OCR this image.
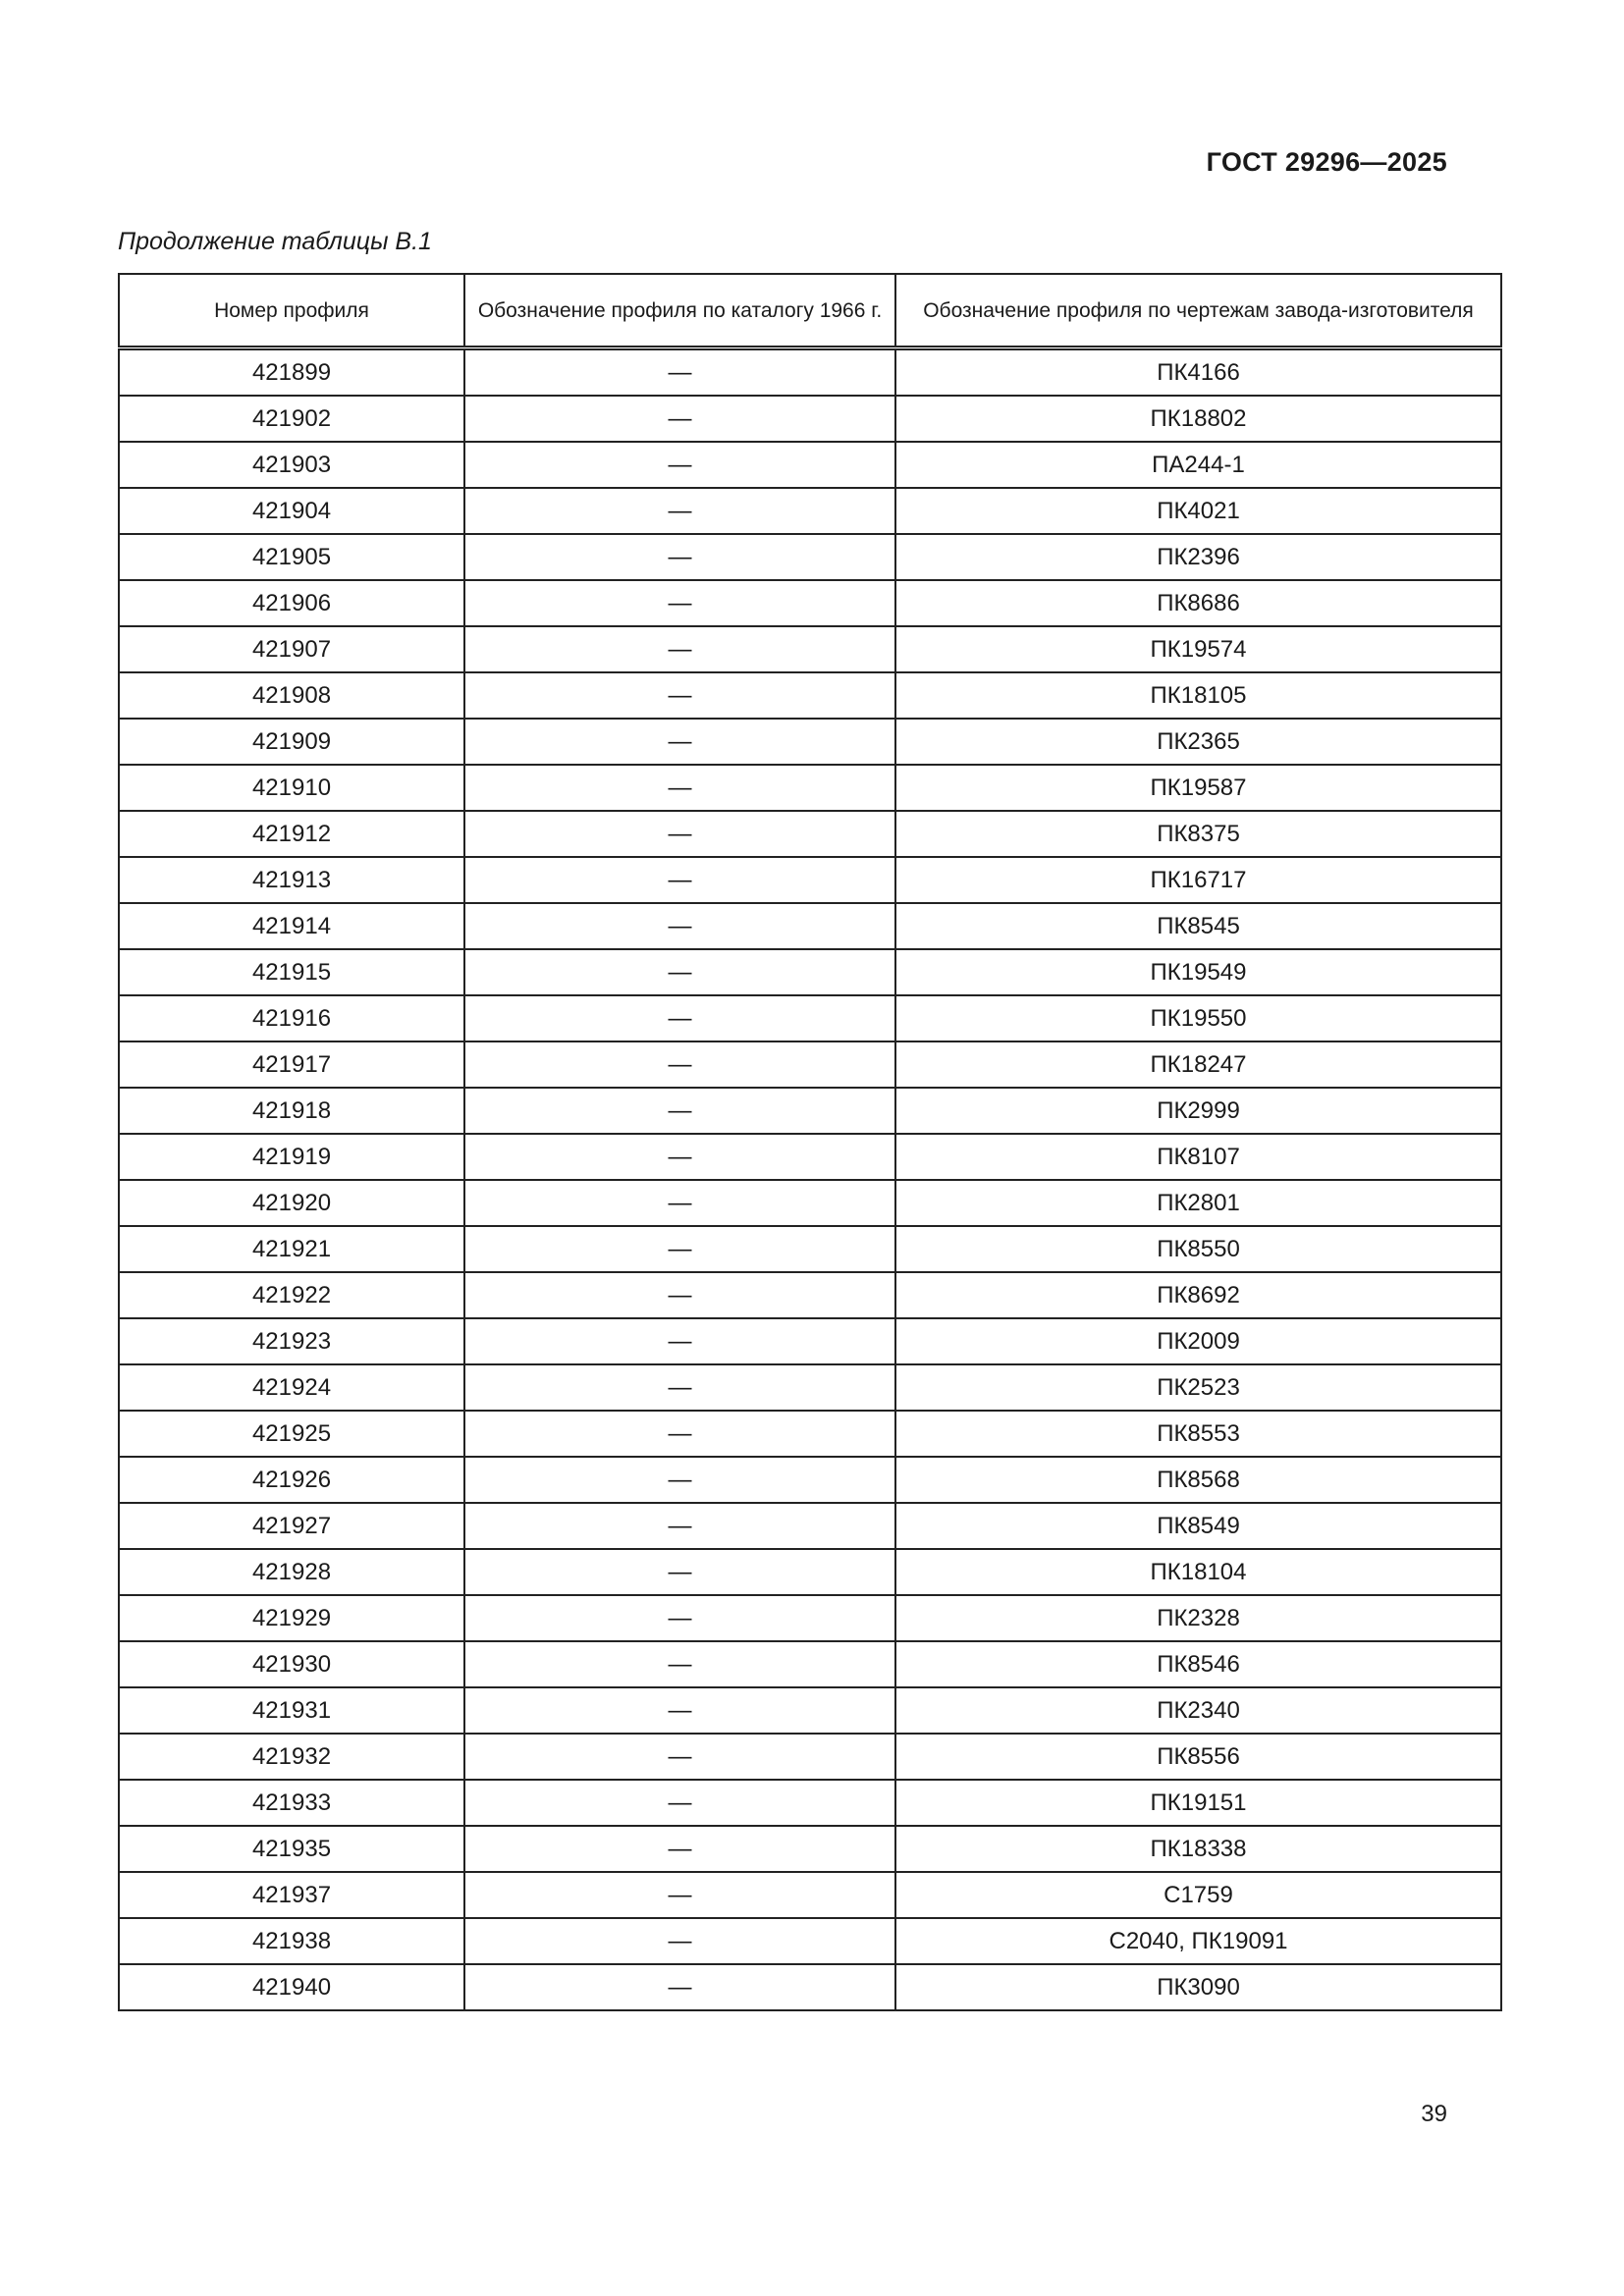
ГОСТ 29296—2025
Продолжение таблицы В.1
Номер профиля	Обозначение профиля по каталогу 1966 г.	Обозначение профиля по чертежам завода-изготовителя
421899	—	ПК4166
421902	—	ПК18802
421903	—	ПА244-1
421904	—	ПК4021
421905	—	ПК2396
421906	—	ПК8686
421907	—	ПК19574
421908	—	ПК18105
421909	—	ПК2365
421910	—	ПК19587
421912	—	ПК8375
421913	—	ПК16717
421914	—	ПК8545
421915	—	ПК19549
421916	—	ПК19550
421917	—	ПК18247
421918	—	ПК2999
421919	—	ПК8107
421920	—	ПК2801
421921	—	ПК8550
421922	—	ПК8692
421923	—	ПК2009
421924	—	ПК2523
421925	—	ПК8553
421926	—	ПК8568
421927	—	ПК8549
421928	—	ПК18104
421929	—	ПК2328
421930	—	ПК8546
421931	—	ПК2340
421932	—	ПК8556
421933	—	ПК19151
421935	—	ПК18338
421937	—	С1759
421938	—	С2040, ПК19091
421940	—	ПК3090
39
